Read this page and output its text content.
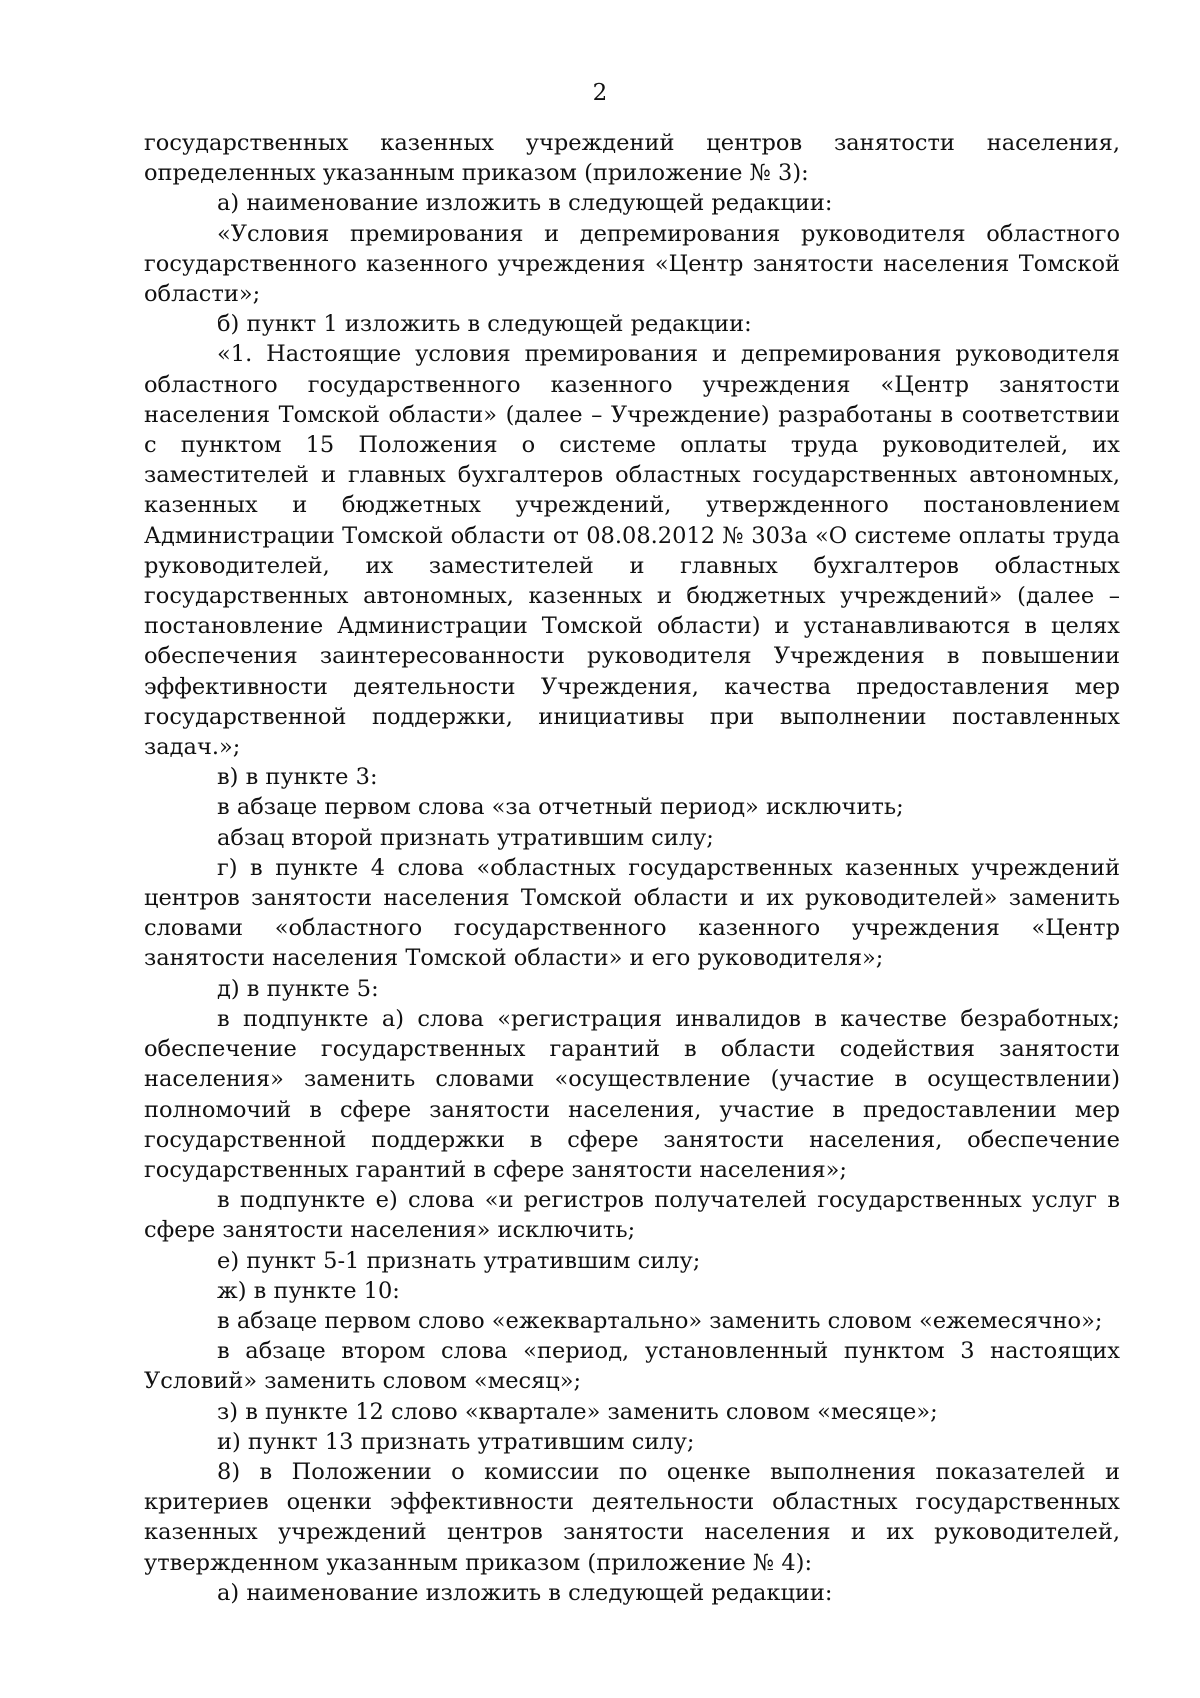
2

государственных казенных учреждений центров занятости населения, определенных указанным приказом (приложение № 3):

а) наименование изложить в следующей редакции:

«Условия премирования и депремирования руководителя областного государственного казенного учреждения «Центр занятости населения Томской области»;

б) пункт 1 изложить в следующей редакции:

«1. Настоящие условия премирования и депремирования руководителя областного государственного казенного учреждения «Центр занятости населения Томской области» (далее – Учреждение) разработаны в соответствии с пунктом 15 Положения о системе оплаты труда руководителей, их заместителей и главных бухгалтеров областных государственных автономных, казенных и бюджетных учреждений, утвержденного постановлением Администрации Томской области от 08.08.2012 № 303а «О системе оплаты труда руководителей, их заместителей и главных бухгалтеров областных государственных автономных, казенных и бюджетных учреждений» (далее – постановление Администрации Томской области) и устанавливаются в целях обеспечения заинтересованности руководителя Учреждения в повышении эффективности деятельности Учреждения, качества предоставления мер государственной поддержки, инициативы при выполнении поставленных задач.»;

в) в пункте 3:

в абзаце первом слова «за отчетный период» исключить;

абзац второй признать утратившим силу;

г) в пункте 4 слова «областных государственных казенных учреждений центров занятости населения Томской области и их руководителей» заменить словами «областного государственного казенного учреждения «Центр занятости населения Томской области» и его руководителя»;

д) в пункте 5:

в подпункте а) слова «регистрация инвалидов в качестве безработных; обеспечение государственных гарантий в области содействия занятости населения» заменить словами «осуществление (участие в осуществлении) полномочий в сфере занятости населения, участие в предоставлении мер государственной поддержки в сфере занятости населения, обеспечение государственных гарантий в сфере занятости населения»;

в подпункте е) слова «и регистров получателей государственных услуг в сфере занятости населения» исключить;

е) пункт 5-1 признать утратившим силу;

ж) в пункте 10:

в абзаце первом слово «ежеквартально» заменить словом «ежемесячно»;

в абзаце втором слова «период, установленный пунктом 3 настоящих Условий» заменить словом «месяц»;

з) в пункте 12 слово «квартале» заменить словом «месяце»;

и) пункт 13 признать утратившим силу;

8) в Положении о комиссии по оценке выполнения показателей и критериев оценки эффективности деятельности областных государственных казенных учреждений центров занятости населения и их руководителей, утвержденном указанным приказом (приложение № 4):

а) наименование изложить в следующей редакции:
